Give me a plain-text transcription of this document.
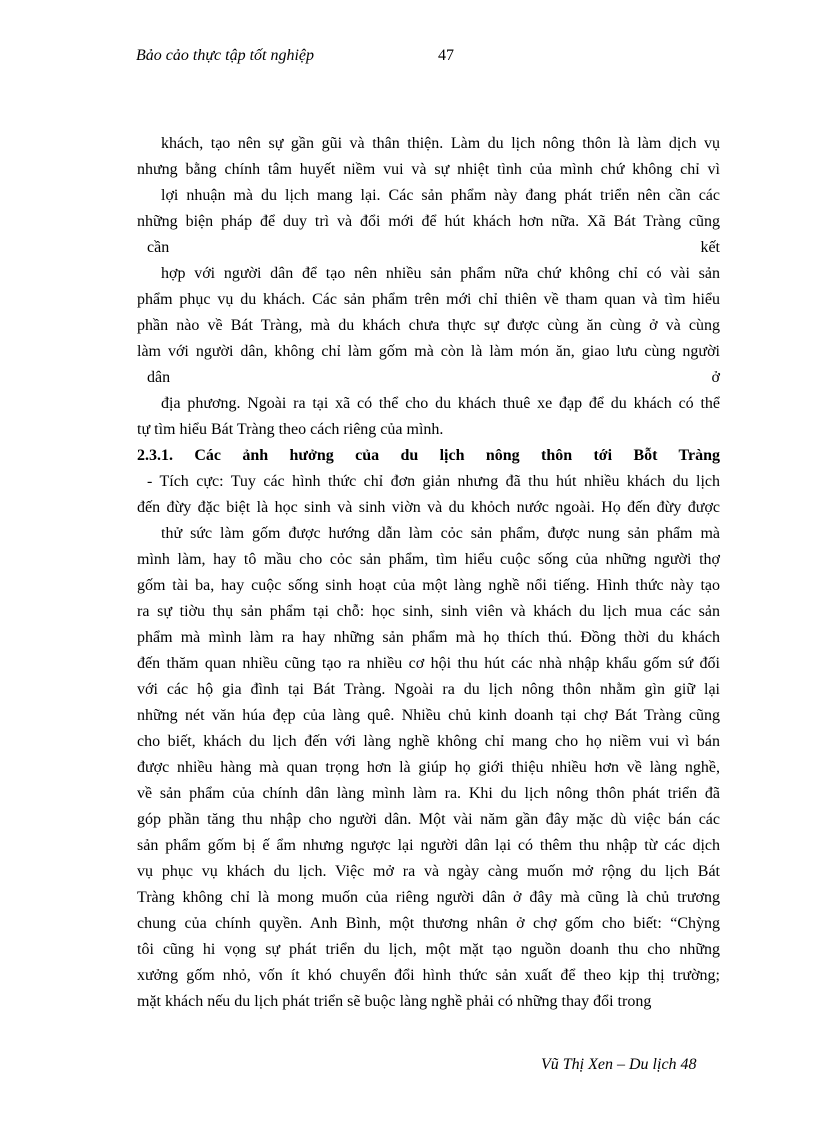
Bảo cảo thực tập tốt nghiệp	47
khách, tạo nên sự gần gũi và thân thiện. Làm du lịch nông thôn là làm dịch vụ
nhưng bằng chính tâm huyết niềm vui và sự nhiệt tình của mình chứ không chỉ vì
lợi nhuận mà du lịch mang lại. Các sản phẩm này đang phát triển nên cần các
những biện pháp để duy trì và đổi mới để hút khách hơn nữa. Xã Bát Tràng cũng
cần	kết
hợp với người dân để tạo nên nhiều sản phẩm nữa chứ không chỉ có vài sản
phẩm phục vụ du khách. Các sản phẩm trên mới chỉ thiên về tham quan và tìm hiểu
phần nào về Bát Tràng, mà du khách chưa thực sự được cùng ăn cùng ở và cùng
làm với người dân, không chỉ làm gốm mà còn là làm món ăn, giao lưu cùng người
dân	ở
địa phương. Ngoài ra tại xã có thể cho du khách thuê xe đạp để du khách có thể
tự tìm hiểu Bát Tràng theo cách riêng của mình.
2.3.1. Các ảnh hưởng của du lịch nông thôn tới Bỗt Tràng
- Tích cực: Tuy các hình thức chỉ đơn giản nhưng đã thu hút nhiều khách du lịch
đến đừy đặc biệt là học sinh và sinh viờn và du khỏch nước ngoài. Họ đến đừy được
thử sức làm gốm được hướng dẫn làm cỏc sản phẩm, được nung sản phẩm mà
mình làm, hay tô mầu cho cỏc sản phẩm, tìm hiểu cuộc sống của những người thợ
gốm tài ba, hay cuộc sống sinh hoạt của một làng nghề nổi tiếng. Hình thức này tạo
ra sự tiờu thụ sản phẩm tại chỗ: học sinh, sinh viên và khách du lịch mua các sản
phẩm mà mình làm ra hay những sản phẩm mà họ thích thú. Đồng thời du khách
đến thăm quan nhiều cũng tạo ra nhiều cơ hội thu hút các nhà nhập khẩu gốm sứ đối
với các hộ gia đình tại Bát Tràng. Ngoài ra du lịch nông thôn nhằm gìn giữ lại
những nét văn húa đẹp của làng quê. Nhiều chủ kinh doanh tại chợ Bát Tràng cũng
cho biết, khách du lịch đến với làng nghề không chỉ mang cho họ niềm vui vì bán
được nhiều hàng mà quan trọng hơn là giúp họ giới thiệu nhiều hơn về làng nghề,
về sản phẩm của chính dân làng mình làm ra. Khi du lịch nông thôn phát triển đã
góp phần tăng thu nhập cho người dân. Một vài năm gần đây mặc dù việc bán các
sản phẩm gốm bị ế ẩm nhưng ngược lại người dân lại có thêm thu nhập từ các dịch
vụ phục vụ khách du lịch. Việc mở ra và ngày càng muốn mở rộng du lịch Bát
Tràng không chỉ là mong muốn của riêng người dân ở đây mà cũng là chủ trương
chung của chính quyền. Anh Bình, một thương nhân ở chợ gốm cho biết: “Chỳng
tôi cũng hi vọng sự phát triển du lịch, một mặt tạo nguồn doanh thu cho những
xưởng gốm nhỏ, vốn ít khó chuyển đổi hình thức sản xuất để theo kịp thị trường;
mặt khách nếu du lịch phát triển sẽ buộc làng nghề phải có những thay đổi trong
Vũ Thị Xen – Du lịch 48
